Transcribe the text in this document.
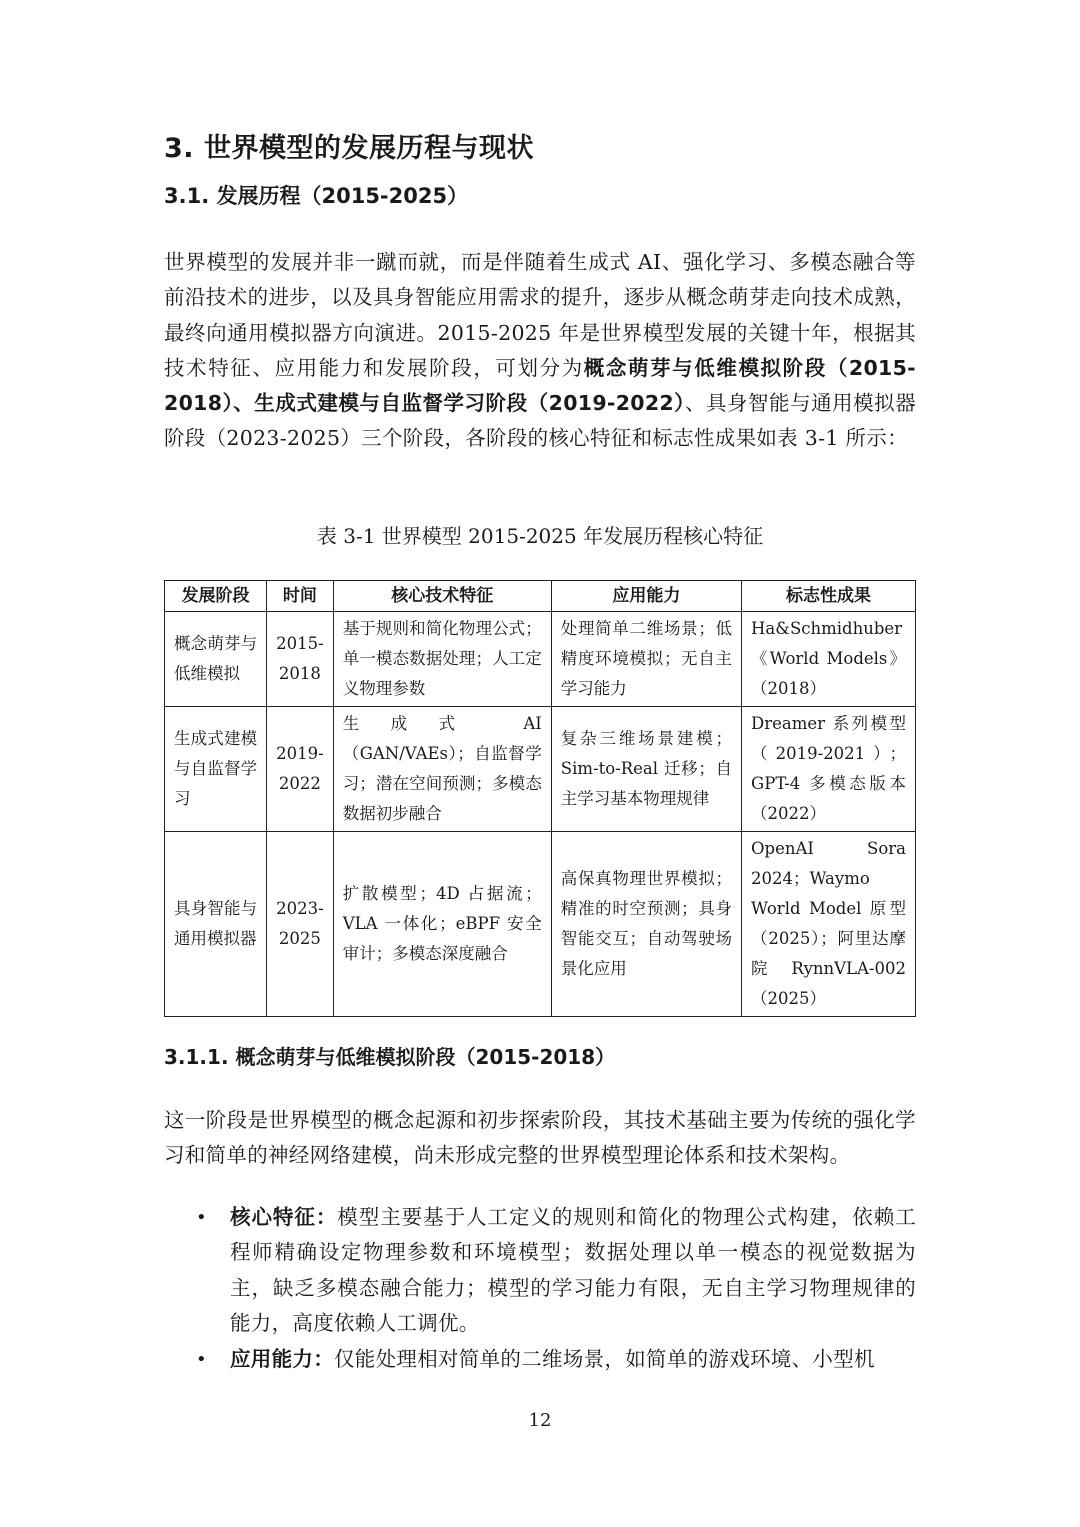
3. 世界模型的发展历程与现状
3.1. 发展历程（2015-2025）

世界模型的发展并非一蹴而就，而是伴随着生成式 AI、强化学习、多模态融合等前沿技术的进步，以及具身智能应用需求的提升，逐步从概念萌芽走向技术成熟，最终向通用模拟器方向演进。2015-2025 年是世界模型发展的关键十年，根据其技术特征、应用能力和发展阶段，可划分为概念萌芽与低维模拟阶段（2015-2018）、生成式建模与自监督学习阶段（2019-2022）、具身智能与通用模拟器阶段（2023-2025）三个阶段，各阶段的核心特征和标志性成果如表 3-1 所示：

表 3-1 世界模型 2015-2025 年发展历程核心特征

发展阶段	时间	核心技术特征	应用能力	标志性成果
概念萌芽与低维模拟	2015-2018	基于规则和简化物理公式；单一模态数据处理；人工定义物理参数	处理简单二维场景；低精度环境模拟；无自主学习能力	Ha&Schmidhuber《World Models》（2018）
生成式建模与自监督学习	2019-2022	生成式 AI（GAN/VAEs）；自监督学习；潜在空间预测；多模态数据初步融合	复杂三维场景建模；Sim-to-Real 迁移；自主学习基本物理规律	Dreamer 系列模型（2019-2021）；GPT-4 多模态版本（2022）
具身智能与通用模拟器	2023-2025	扩散模型；4D 占据流；VLA 一体化；eBPF 安全审计；多模态深度融合	高保真物理世界模拟；精准的时空预测；具身智能交互；自动驾驶场景化应用	OpenAI Sora 2024；Waymo World Model 原型（2025）；阿里达摩院 RynnVLA-002（2025）
3.1.1. 概念萌芽与低维模拟阶段（2015-2018）

这一阶段是世界模型的概念起源和初步探索阶段，其技术基础主要为传统的强化学习和简单的神经网络建模，尚未形成完整的世界模型理论体系和技术架构。

• 核心特征：模型主要基于人工定义的规则和简化的物理公式构建，依赖工程师精确设定物理参数和环境模型；数据处理以单一模态的视觉数据为主，缺乏多模态融合能力；模型的学习能力有限，无自主学习物理规律的能力，高度依赖人工调优。
• 应用能力：仅能处理相对简单的二维场景，如简单的游戏环境、小型机
12
